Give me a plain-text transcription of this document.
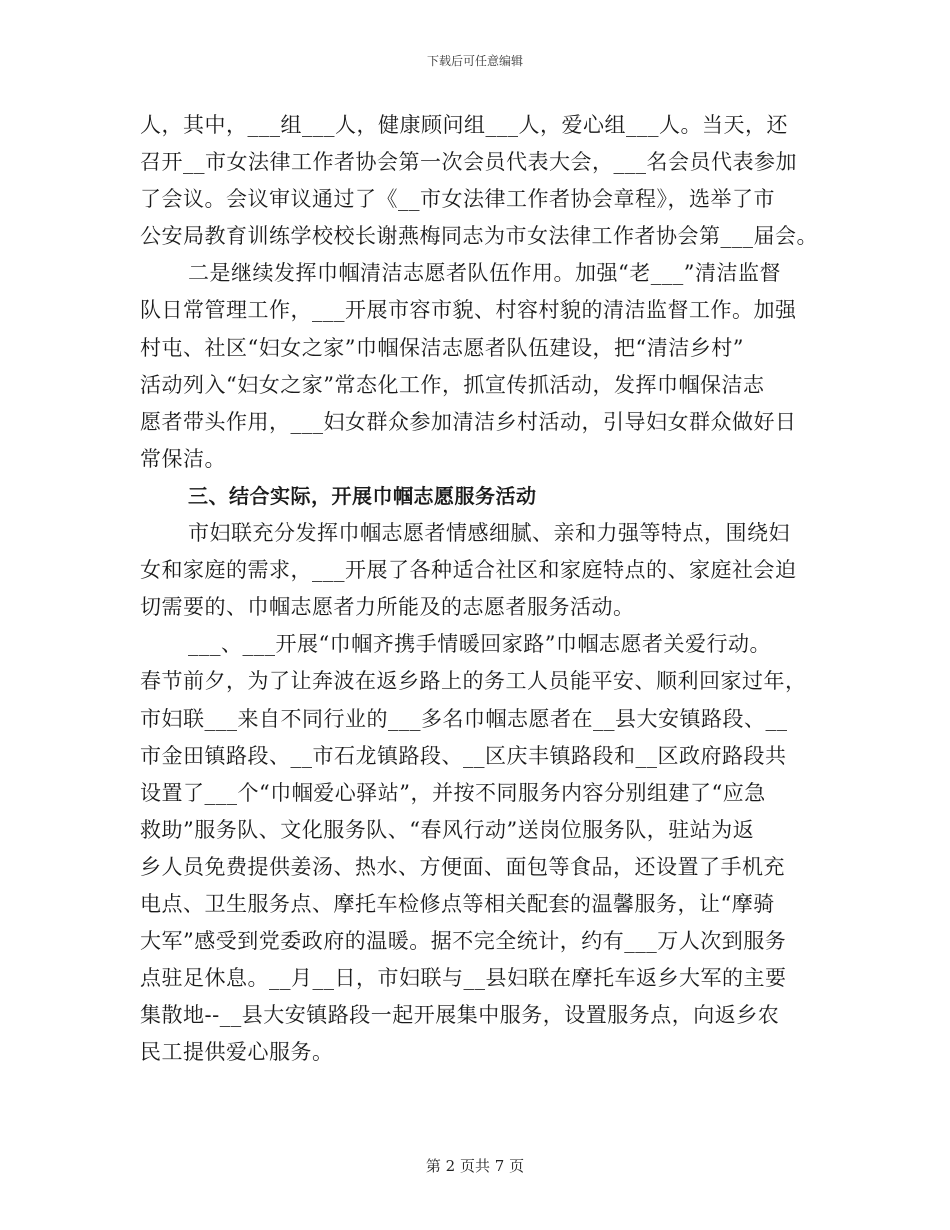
下载后可任意编辑
人，其中，___组___人，健康顾问组___人，爱心组___人。当天，还
召开__市女法律工作者协会第一次会员代表大会，___名会员代表参加
了会议。会议审议通过了《__市女法律工作者协会章程》，选举了市
公安局教育训练学校校长谢燕梅同志为市女法律工作者协会第___届会。
二是继续发挥巾帼清洁志愿者队伍作用。加强“老___”清洁监督
队日常管理工作，___开展市容市貌、村容村貌的清洁监督工作。加强
村屯、社区“妇女之家”巾帼保洁志愿者队伍建设，把“清洁乡村”
活动列入“妇女之家”常态化工作，抓宣传抓活动，发挥巾帼保洁志
愿者带头作用，___妇女群众参加清洁乡村活动，引导妇女群众做好日
常保洁。
三、结合实际，开展巾帼志愿服务活动
市妇联充分发挥巾帼志愿者情感细腻、亲和力强等特点，围绕妇
女和家庭的需求，___开展了各种适合社区和家庭特点的、家庭社会迫
切需要的、巾帼志愿者力所能及的志愿者服务活动。
___、___开展“巾帼齐携手情暖回家路”巾帼志愿者关爱行动。
春节前夕，为了让奔波在返乡路上的务工人员能平安、顺利回家过年，
市妇联___来自不同行业的___多名巾帼志愿者在__县大安镇路段、__
市金田镇路段、__市石龙镇路段、__区庆丰镇路段和__区政府路段共
设置了___个“巾帼爱心驿站”，并按不同服务内容分别组建了“应急
救助”服务队、文化服务队、“春风行动”送岗位服务队，驻站为返
乡人员免费提供姜汤、热水、方便面、面包等食品，还设置了手机充
电点、卫生服务点、摩托车检修点等相关配套的温馨服务，让“摩骑
大军”感受到党委政府的温暖。据不完全统计，约有___万人次到服务
点驻足休息。__月__日，市妇联与__县妇联在摩托车返乡大军的主要
集散地--__县大安镇路段一起开展集中服务，设置服务点，向返乡农
民工提供爱心服务。
第 2 页共 7 页
